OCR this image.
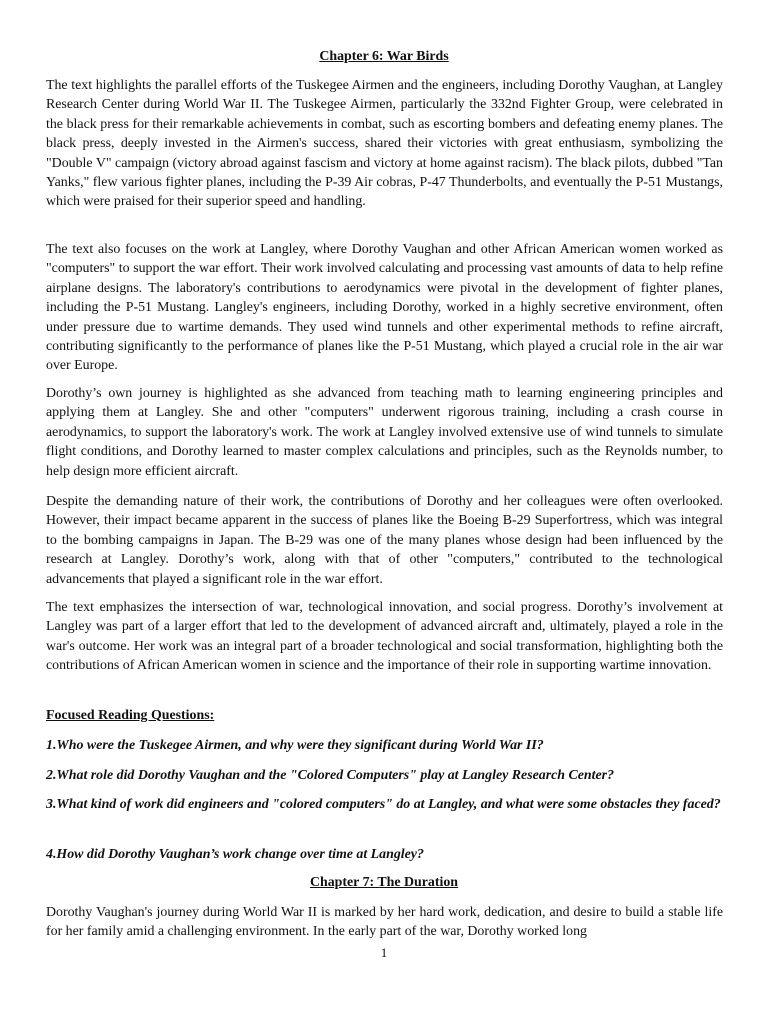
Chapter 6: War Birds

The text highlights the parallel efforts of the Tuskegee Airmen and the engineers, including Dorothy Vaughan, at Langley Research Center during World War II. The Tuskegee Airmen, particularly the 332nd Fighter Group, were celebrated in the black press for their remarkable achievements in combat, such as escorting bombers and defeating enemy planes. The black press, deeply invested in the Airmen's success, shared their victories with great enthusiasm, symbolizing the "Double V" campaign (victory abroad against fascism and victory at home against racism). The black pilots, dubbed "Tan Yanks," flew various fighter planes, including the P-39 Air cobras, P-47 Thunderbolts, and eventually the P-51 Mustangs, which were praised for their superior speed and handling.

The text also focuses on the work at Langley, where Dorothy Vaughan and other African American women worked as "computers" to support the war effort. Their work involved calculating and processing vast amounts of data to help refine airplane designs. The laboratory's contributions to aerodynamics were pivotal in the development of fighter planes, including the P-51 Mustang. Langley's engineers, including Dorothy, worked in a highly secretive environment, often under pressure due to wartime demands. They used wind tunnels and other experimental methods to refine aircraft, contributing significantly to the performance of planes like the P-51 Mustang, which played a crucial role in the air war over Europe.

Dorothy’s own journey is highlighted as she advanced from teaching math to learning engineering principles and applying them at Langley. She and other "computers" underwent rigorous training, including a crash course in aerodynamics, to support the laboratory's work. The work at Langley involved extensive use of wind tunnels to simulate flight conditions, and Dorothy learned to master complex calculations and principles, such as the Reynolds number, to help design more efficient aircraft.

Despite the demanding nature of their work, the contributions of Dorothy and her colleagues were often overlooked. However, their impact became apparent in the success of planes like the Boeing B-29 Superfortress, which was integral to the bombing campaigns in Japan. The B-29 was one of the many planes whose design had been influenced by the research at Langley. Dorothy’s work, along with that of other "computers," contributed to the technological advancements that played a significant role in the war effort.

The text emphasizes the intersection of war, technological innovation, and social progress. Dorothy’s involvement at Langley was part of a larger effort that led to the development of advanced aircraft and, ultimately, played a role in the war's outcome. Her work was an integral part of a broader technological and social transformation, highlighting both the contributions of African American women in science and the importance of their role in supporting wartime innovation.

Focused Reading Questions:

1.Who were the Tuskegee Airmen, and why were they significant during World War II?

2.What role did Dorothy Vaughan and the "Colored Computers" play at Langley Research Center?

3.What kind of work did engineers and "colored computers" do at Langley, and what were some obstacles they faced?

4.How did Dorothy Vaughan’s work change over time at Langley?

Chapter 7: The Duration

Dorothy Vaughan's journey during World War II is marked by her hard work, dedication, and desire to build a stable life for her family amid a challenging environment. In the early part of the war, Dorothy worked long

1
